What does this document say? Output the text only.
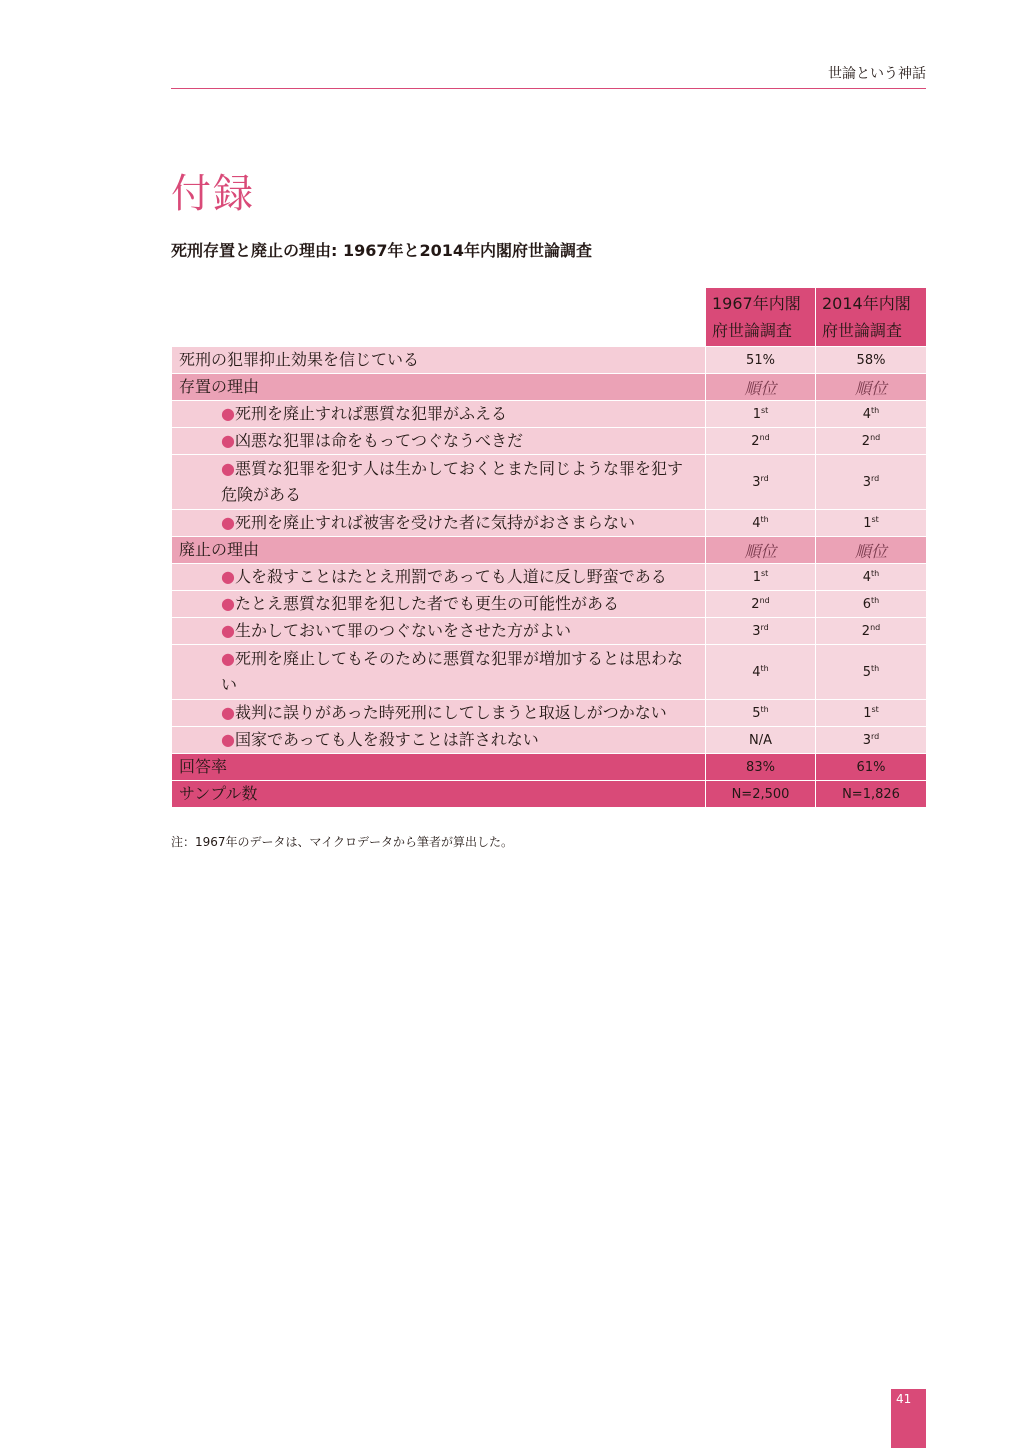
世論という神話
付録
死刑存置と廃止の理由: 1967年と2014年内閣府世論調査
	1967年内閣府世論調査	2014年内閣府世論調査
死刑の犯罪抑止効果を信じている	51%	58%
存置の理由	順位	順位
●死刑を廃止すれば悪質な犯罪がふえる	1st	4th
●凶悪な犯罪は命をもってつぐなうべきだ	2nd	2nd
●悪質な犯罪を犯す人は生かしておくとまた同じような罪を犯す危険がある	3rd	3rd
●死刑を廃止すれば被害を受けた者に気持がおさまらない	4th	1st
廃止の理由	順位	順位
●人を殺すことはたとえ刑罰であっても人道に反し野蛮である	1st	4th
●たとえ悪質な犯罪を犯した者でも更生の可能性がある	2nd	6th
●生かしておいて罪のつぐないをさせた方がよい	3rd	2nd
●死刑を廃止してもそのために悪質な犯罪が増加するとは思わない	4th	5th
●裁判に誤りがあった時死刑にしてしまうと取返しがつかない	5th	1st
●国家であっても人を殺すことは許されない	N/A	3rd
回答率	83%	61%
サンプル数	N=2,500	N=1,826
注：1967年のデータは、マイクロデータから筆者が算出した。
41
